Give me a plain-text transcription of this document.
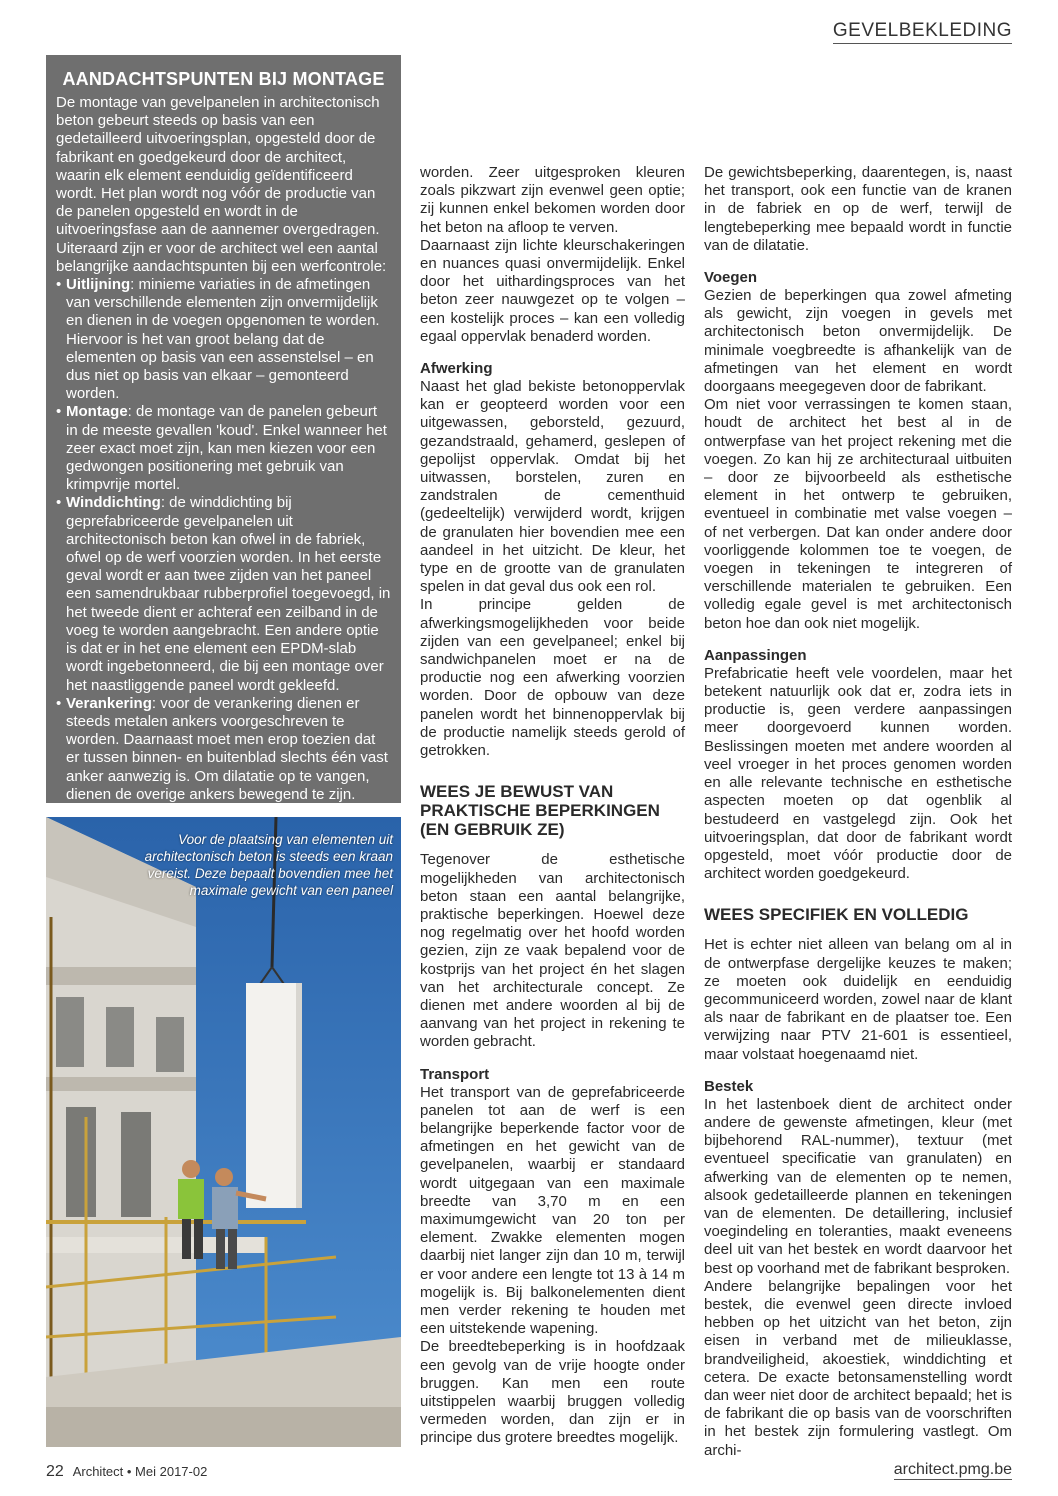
GEVELBEKLEDING
AANDACHTSPUNTEN BIJ MONTAGE

De montage van gevelpanelen in architectonisch beton gebeurt steeds op basis van een gedetailleerd uitvoeringsplan, opgesteld door de fabrikant en goedgekeurd door de architect, waarin elk element eenduidig geïdentificeerd wordt. Het plan wordt nog vóór de productie van de panelen opgesteld en wordt in de uitvoeringsfase aan de aannemer overgedragen.

Uiteraard zijn er voor de architect wel een aantal belangrijke aandachtspunten bij een werfcontrole:

• Uitlijning: minieme variaties in de afmetingen van verschillende elementen zijn onvermijdelijk en dienen in de voegen opgenomen te worden. Hiervoor is het van groot belang dat de elementen op basis van een assenstelsel – en dus niet op basis van elkaar – gemonteerd worden.
• Montage: de montage van de panelen gebeurt in de meeste gevallen 'koud'. Enkel wanneer het zeer exact moet zijn, kan men kiezen voor een gedwongen positionering met gebruik van krimpvrije mortel.
• Winddichting: de winddichting bij geprefabriceerde gevelpanelen uit architectonisch beton kan ofwel in de fabriek, ofwel op de werf voorzien worden. In het eerste geval wordt er aan twee zijden van het paneel een samendrukbaar rubberprofiel toegevoegd, in het tweede dient er achteraf een zeilband in de voeg te worden aangebracht. Een andere optie is dat er in het ene element een EPDM-slab wordt ingebetonneerd, die bij een montage over het naastliggende paneel wordt gekleefd.
• Verankering: voor de verankering dienen er steeds metalen ankers voorgeschreven te worden. Daarnaast moet men erop toezien dat er tussen binnen- en buitenblad slechts één vast anker aanwezig is. Om dilatatie op te vangen, dienen de overige ankers bewegend te zijn.
Voor de plaatsing van elementen uit architectonisch beton is steeds een kraan vereist. Deze bepaalt bovendien mee het maximale gewicht van een paneel

worden. Zeer uitgesproken kleuren zoals pikzwart zijn evenwel geen optie; zij kunnen enkel bekomen worden door het beton na afloop te verven.

Daarnaast zijn lichte kleurschakeringen en nuances quasi onvermijdelijk. Enkel door het uithardingsproces van het beton zeer nauwgezet op te volgen – een kostelijk proces – kan een volledig egaal oppervlak benaderd worden.

Afwerking

Naast het glad bekiste betonoppervlak kan er geopteerd worden voor een uitgewassen, geborsteld, gezuurd, gezandstraald, gehamerd, geslepen of gepolijst oppervlak. Omdat bij het uitwassen, borstelen, zuren en zandstralen de cementhuid (gedeeltelijk) verwijderd wordt, krijgen de granulaten hier bovendien mee een aandeel in het uitzicht. De kleur, het type en de grootte van de granulaten spelen in dat geval dus ook een rol.

In principe gelden de afwerkingsmogelijkheden voor beide zijden van een gevelpaneel; enkel bij sandwichpanelen moet er na de productie nog een afwerking voorzien worden. Door de opbouw van deze panelen wordt het binnenoppervlak bij de productie namelijk steeds gerold of getrokken.

WEES JE BEWUST VAN PRAKTISCHE BEPERKINGEN (EN GEBRUIK ZE)

Tegenover de esthetische mogelijkheden van architectonisch beton staan een aantal belangrijke, praktische beperkingen. Hoewel deze nog regelmatig over het hoofd worden gezien, zijn ze vaak bepalend voor de kostprijs van het project én het slagen van het architecturale concept. Ze dienen met andere woorden al bij de aanvang van het project in rekening te worden gebracht.

Transport

Het transport van de geprefabriceerde panelen tot aan de werf is een belangrijke beperkende factor voor de afmetingen en het gewicht van de gevelpanelen, waarbij er standaard wordt uitgegaan van een maximale breedte van 3,70 m en een maximumgewicht van 20 ton per element. Zwakke elementen mogen daarbij niet langer zijn dan 10 m, terwijl er voor andere een lengte tot 13 à 14 m mogelijk is. Bij balkonelementen dient men verder rekening te houden met een uitstekende wapening.

De breedtebeperking is in hoofdzaak een gevolg van de vrije hoogte onder bruggen. Kan men een route uitstippelen waarbij bruggen volledig vermeden worden, dan zijn er in principe dus grotere breedtes mogelijk.

De gewichtsbeperking, daarentegen, is, naast het transport, ook een functie van de kranen in de fabriek en op de werf, terwijl de lengtebeperking mee bepaald wordt in functie van de dilatatie.

Voegen

Gezien de beperkingen qua zowel afmeting als gewicht, zijn voegen in gevels met architectonisch beton onvermijdelijk. De minimale voegbreedte is afhankelijk van de afmetingen van het element en wordt doorgaans meegegeven door de fabrikant.

Om niet voor verrassingen te komen staan, houdt de architect het best al in de ontwerpfase van het project rekening met die voegen. Zo kan hij ze architecturaal uitbuiten – door ze bijvoorbeeld als esthetische element in het ontwerp te gebruiken, eventueel in combinatie met valse voegen – of net verbergen. Dat kan onder andere door voorliggende kolommen toe te voegen, de voegen in tekeningen te integreren of verschillende materialen te gebruiken. Een volledig egale gevel is met architectonisch beton hoe dan ook niet mogelijk.

Aanpassingen

Prefabricatie heeft vele voordelen, maar het betekent natuurlijk ook dat er, zodra iets in productie is, geen verdere aanpassingen meer doorgevoerd kunnen worden. Beslissingen moeten met andere woorden al veel vroeger in het proces genomen worden en alle relevante technische en esthetische aspecten moeten op dat ogenblik al bestudeerd en vastgelegd zijn. Ook het uitvoeringsplan, dat door de fabrikant wordt opgesteld, moet vóór productie door de architect worden goedgekeurd.

WEES SPECIFIEK EN VOLLEDIG

Het is echter niet alleen van belang om al in de ontwerpfase dergelijke keuzes te maken; ze moeten ook duidelijk en eenduidig gecommuniceerd worden, zowel naar de klant als naar de fabrikant en de plaatser toe. Een verwijzing naar PTV 21-601 is essentieel, maar volstaat hoegenaamd niet.

Bestek

In het lastenboek dient de architect onder andere de gewenste afmetingen, kleur (met bijbehorend RAL-nummer), textuur (met eventueel specificatie van granulaten) en afwerking van de elementen op te nemen, alsook gedetailleerde plannen en tekeningen van de elementen. De detaillering, inclusief voegindeling en toleranties, maakt eveneens deel uit van het bestek en wordt daarvoor het best op voorhand met de fabrikant besproken.

Andere belangrijke bepalingen voor het bestek, die evenwel geen directe invloed hebben op het uitzicht van het beton, zijn eisen in verband met de milieuklasse, brandveiligheid, akoestiek, winddichting et cetera. De exacte betonsamenstelling wordt dan weer niet door de architect bepaald; het is de fabrikant die op basis van de voorschriften in het bestek zijn formulering vastlegt. Om archi-

22 Architect • Mei 2017-02	architect.pmg.be
